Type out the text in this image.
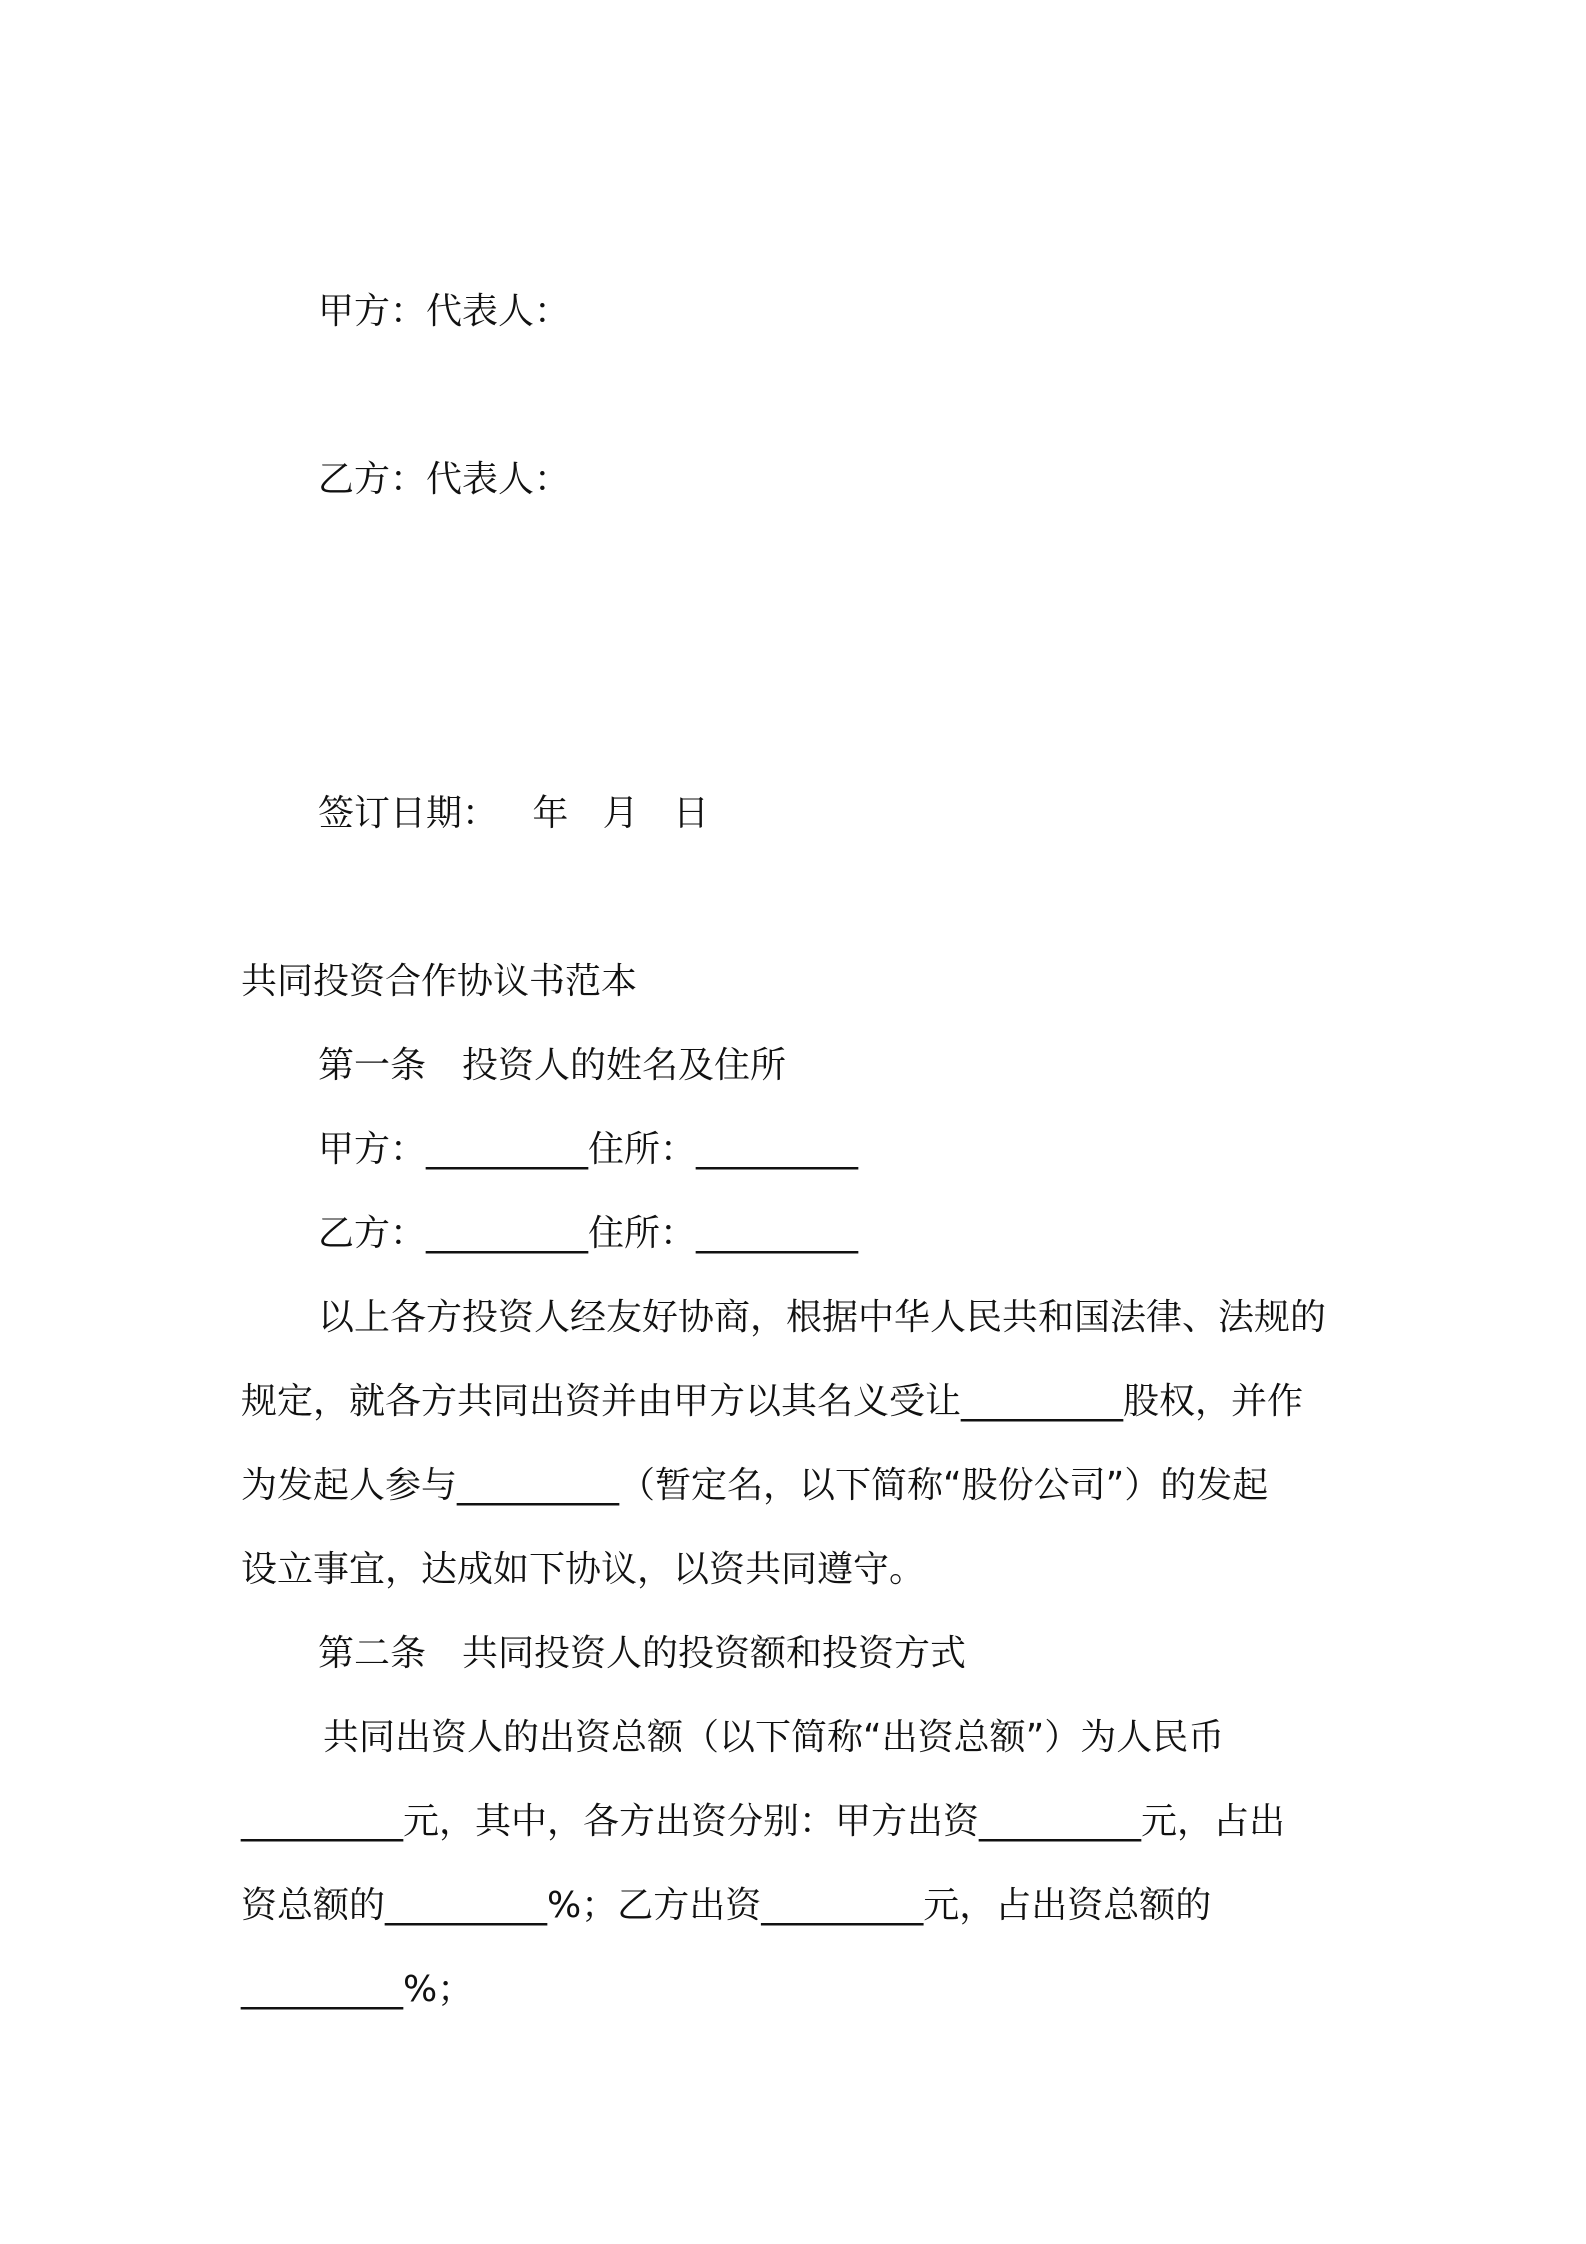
甲方：代表人：
乙方：代表人：
签订日期：   年   月   日
共同投资合作协议书范本
第一条　投资人的姓名及住所
甲方：_________住所：_________
乙方：_________住所：_________
以上各方投资人经友好协商，根据中华人民共和国法律、法规的
规定，就各方共同出资并由甲方以其名义受让_________股权，并作
为发起人参与_________（暂定名，以下简称“股份公司”）的发起
设立事宜，达成如下协议，以资共同遵守。
第二条　共同投资人的投资额和投资方式
共同出资人的出资总额（以下简称“出资总额”）为人民币
_________元，其中，各方出资分别：甲方出资_________元，占出
资总额的_________%；乙方出资_________元，占出资总额的
_________%；
